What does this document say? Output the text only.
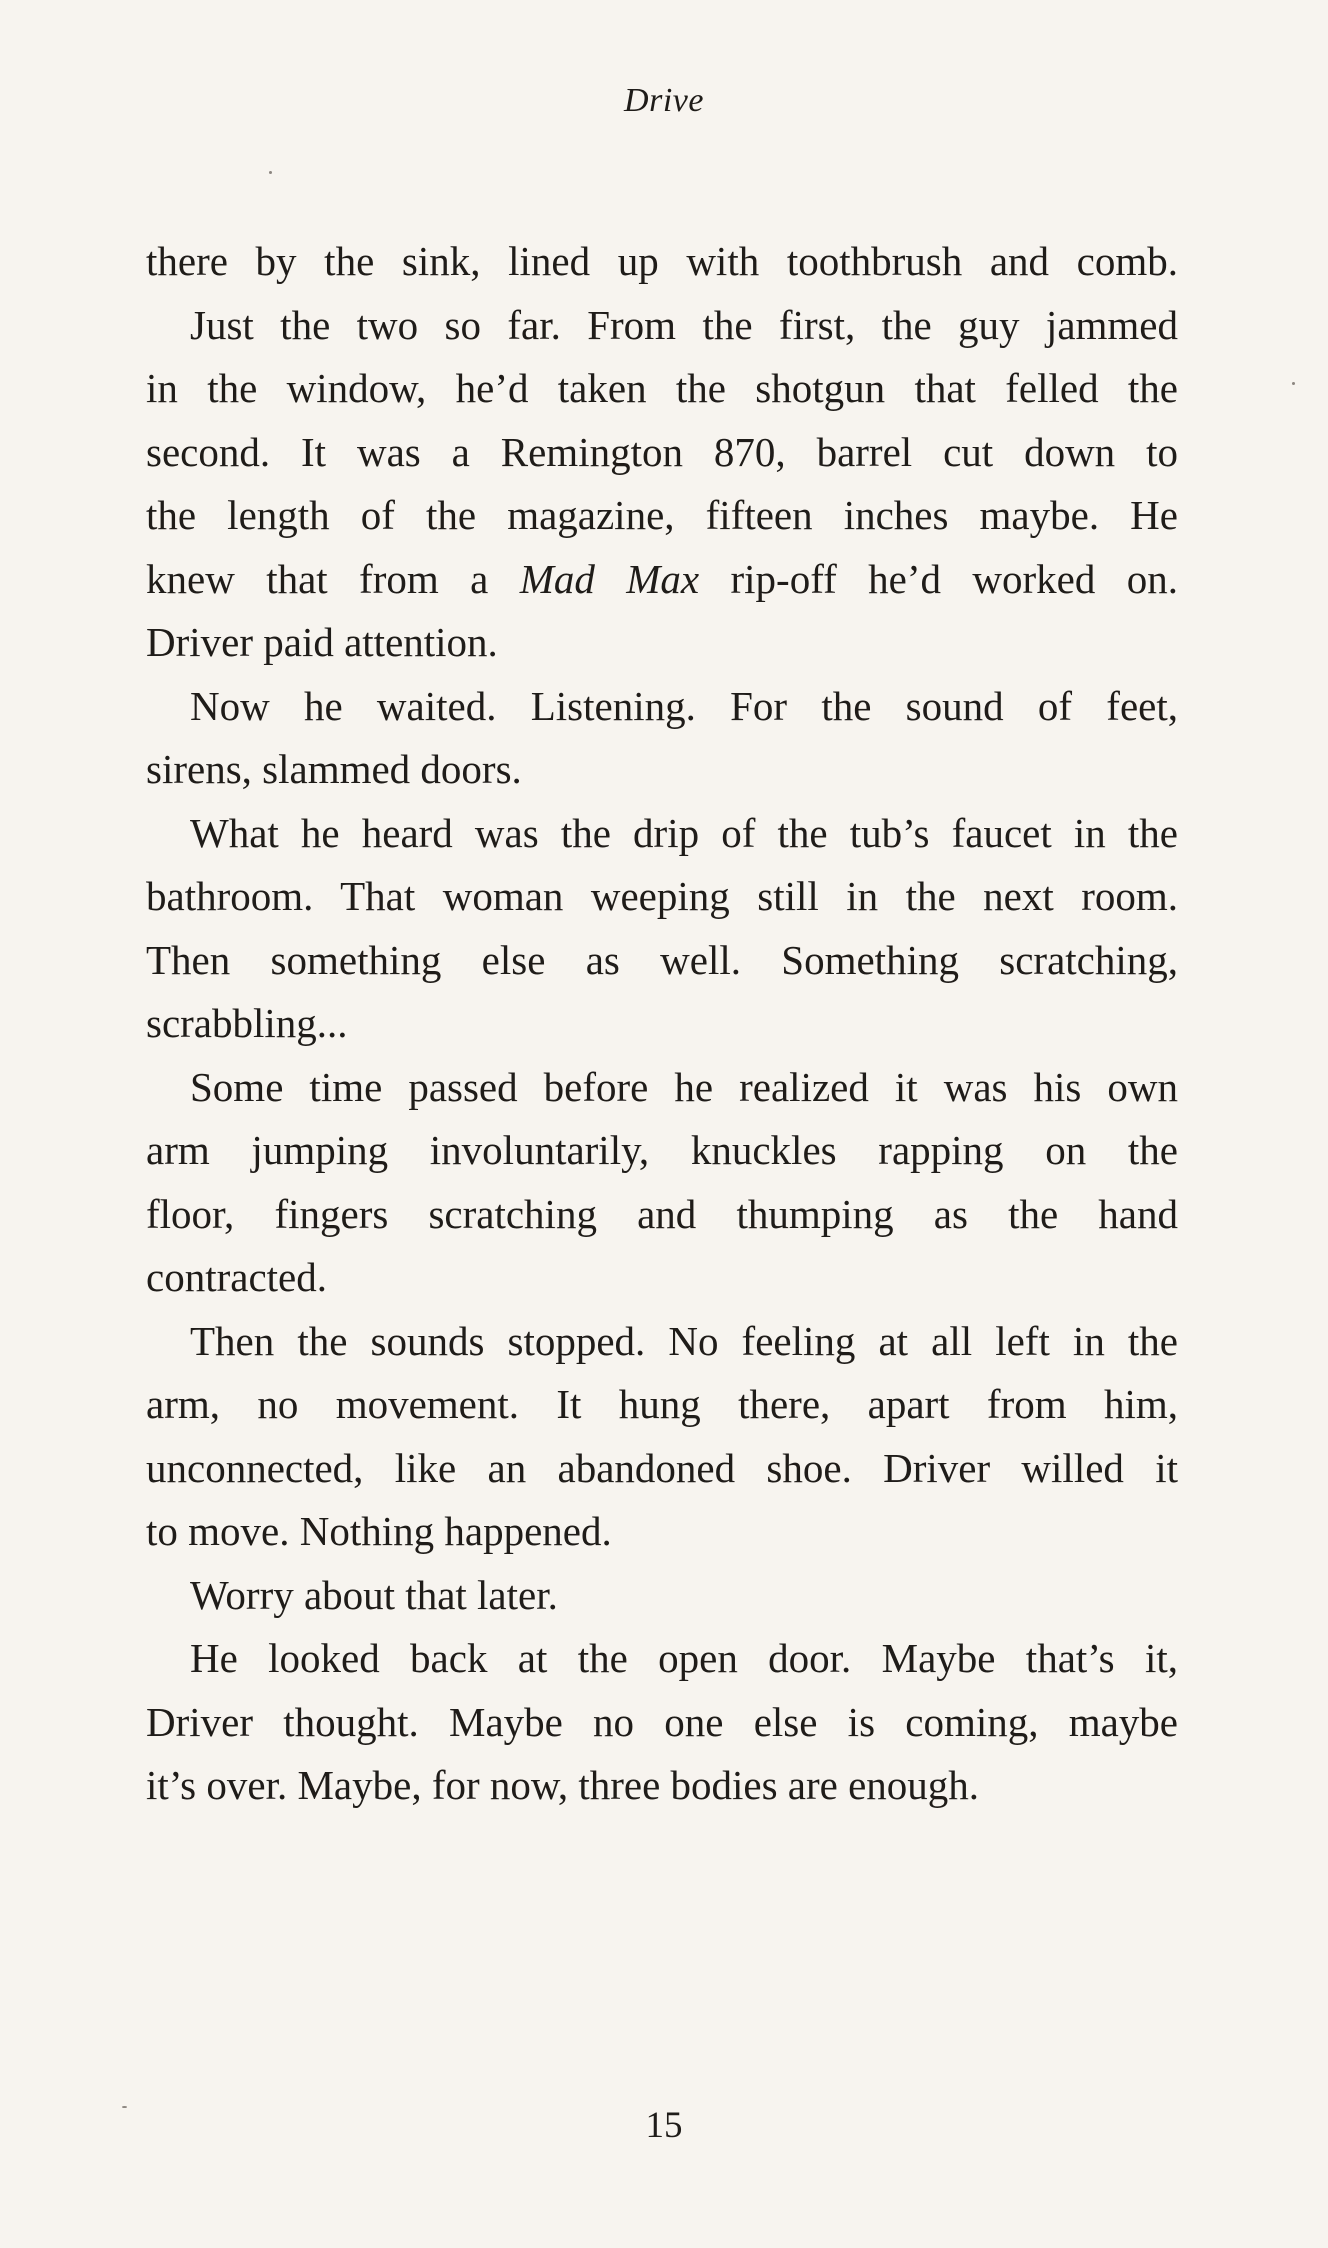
Drive
there by the sink, lined up with toothbrush and comb.
Just the two so far. From the first, the guy jammed
in the window, he’d taken the shotgun that felled the
second. It was a Remington 870, barrel cut down to
the length of the magazine, fifteen inches maybe. He
knew that from a Mad Max rip-off he’d worked on.
Driver paid attention.
Now he waited. Listening. For the sound of feet,
sirens, slammed doors.
What he heard was the drip of the tub’s faucet in the
bathroom. That woman weeping still in the next room.
Then something else as well. Something scratching,
scrabbling...
Some time passed before he realized it was his own
arm jumping involuntarily, knuckles rapping on the
floor, fingers scratching and thumping as the hand
contracted.
Then the sounds stopped. No feeling at all left in the
arm, no movement. It hung there, apart from him,
unconnected, like an abandoned shoe. Driver willed it
to move. Nothing happened.
Worry about that later.
He looked back at the open door. Maybe that’s it,
Driver thought. Maybe no one else is coming, maybe
it’s over. Maybe, for now, three bodies are enough.
15
